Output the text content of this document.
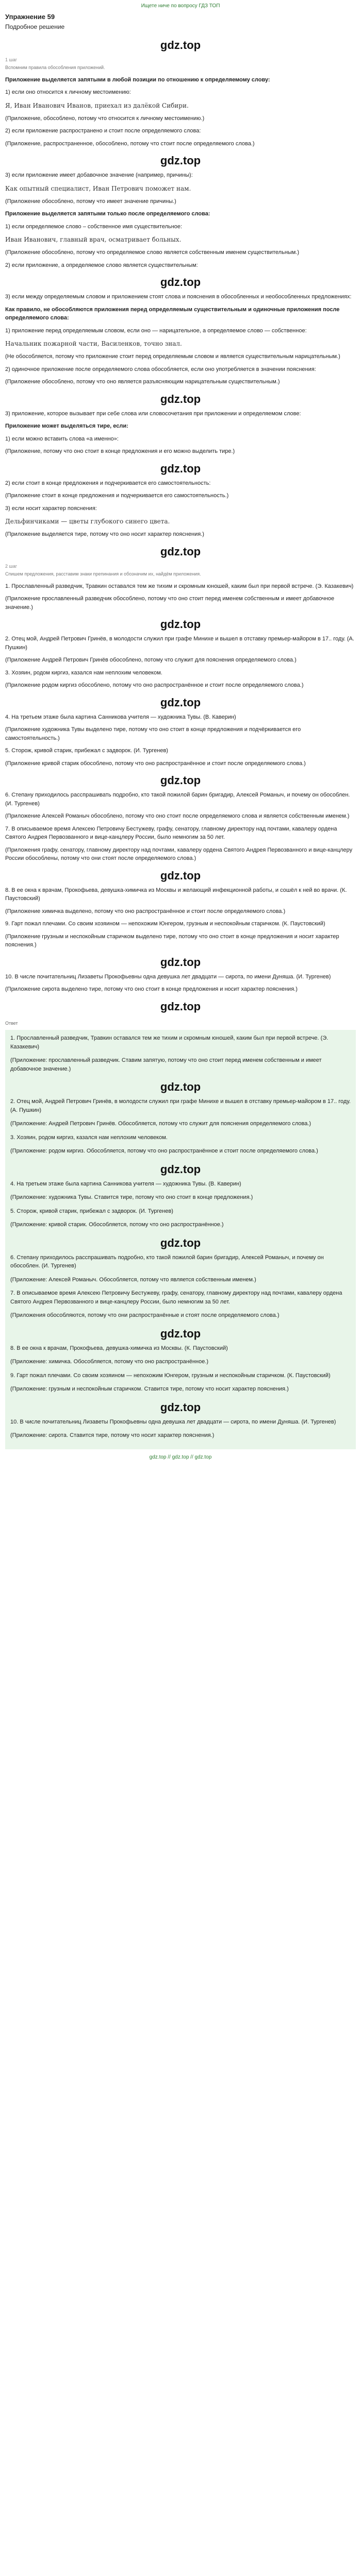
Ищете ниче по вопросу ГДЗ ТОП
Упражнение 59
Подробное решение
gdz.top
1 шаг
Вспомним правила обособления приложений.
Приложение выделяется запятыми в любой позиции по отношению к определяемому слову:
1) если оно относится к личному местоимению:
Я, Иван Иванович Иванов, приехал из далёкой Сибири.
(Приложение, обособлено, потому что относится к личному местоимению.)
2) если приложение распространено и стоит после определяемого слова:
(Приложение, распространенное, обособлено, потому что стоит после определяемого слова.)
gdz.top
3) если приложение имеет добавочное значение (например, причины):
Как опытный специалист, Иван Петрович поможет нам.
(Приложение обособлено, потому что имеет значение причины.)
Приложение выделяется запятыми только после определяемого слова:
1) если определяемое слово – собственное имя существительное:
Иван Иванович, главный врач, осматривает больных.
(Приложение обособлено, потому что определяемое слово является собственным именем существительным.)
2) если приложение, а определяемое слово является существительным:
gdz.top
3) если между определяемым словом и приложением стоят слова и пояснения в обособленных и необособленных предложениях:
Как правило, не обособляются приложения перед определяемым существительным и одиночные приложения после определяемого слова:
1) приложение перед определяемым словом, если оно — нарицательное, а определяемое слово — собственное:
Начальник пожарной части, Василенков, точно знал.
(Не обособляется, потому что приложение стоит перед определяемым словом и является существительным нарицательным.)
2) одиночное приложение после определяемого слова обособляется, если оно употребляется в значении пояснения:
(Приложение обособлено, потому что оно является разъясняющим нарицательным существительным.)
gdz.top
3) приложение, которое вызывает при себе слова или словосочетания при приложении и определяемом слове:
Приложение может выделяться тире, если:
1) если можно вставить слова «а именно»:
(Приложение, потому что оно стоит в конце предложения и его можно выделить тире.)
gdz.top
2) если стоит в конце предложения и подчеркивается его самостоятельность:
(Приложение стоит в конце предложения и подчеркивается его самостоятельность.)
3) если носит характер пояснения:
Дельфинчиками — цветы глубокого синего цвета.
(Приложение выделяется тире, потому что оно носит характер пояснения.)
gdz.top
2 шаг
Спишем предложения, расставим знаки препинания и обозначим их, найдём приложения.
1. Прославленный разведчик, Травкин оставался тем же тихим и скромным юношей, каким был при первой встрече. (Э. Казакевич)
(Приложение прославленный разведчик обособлено, потому что оно стоит перед именем собственным и имеет добавочное значение.)
gdz.top
2. Отец мой, Андрей Петрович Гринёв, в молодости служил при графе Минихе и вышел в отставку премьер-майором в 17.. году. (А. Пушкин)
(Приложение Андрей Петрович Гринёв обособлено, потому что служит для пояснения определяемого слова.)
3. Хозяин, родом киргиз, казался нам неплохим человеком.
(Приложение родом киргиз обособлено, потому что оно распространённое и стоит после определяемого слова.)
gdz.top
4. На третьем этаже была картина Санникова учителя — художника Тувы. (В. Каверин)
(Приложение художника Тувы выделено тире, потому что оно стоит в конце предложения и подчёркивается его самостоятельность.)
5. Сторож, кривой старик, прибежал с задворок. (И. Тургенев)
(Приложение кривой старик обособлено, потому что оно распространённое и стоит после определяемого слова.)
gdz.top
6. Степану приходилось расспрашивать подробно, кто такой пожилой барин бригадир, Алексей Романыч, и почему он обособлен. (И. Тургенев)
(Приложение Алексей Романыч обособлено, потому что оно стоит после определяемого слова и является собственным именем.)
7. В описываемое время Алексею Петровичу Бестужеву, графу, сенатору, главному директору над почтами, кавалеру ордена Святого Андрея Первозванного и вице-канцлеру России, было немногим за 50 лет.
(Приложения графу, сенатору, главному директору над почтами, кавалеру ордена Святого Андрея Первозванного и вице-канцлеру России обособлены, потому что они стоят после определяемого слова.)
gdz.top
8. В ее окна к врачам, Прокофьева, девушка-химичка из Москвы и желающий инфекционной работы, и сошёл к ней во врачи. (К. Паустовский)
(Приложение химичка выделено, потому что оно распространённое и стоит после определяемого слова.)
9. Гарт пожал плечами. Со своим хозяином — непохожим Юнгером, грузным и неспокойным старичком. (К. Паустовский)
(Приложение грузным и неспокойным старичком выделено тире, потому что оно стоит в конце предложения и носит характер пояснения.)
gdz.top
10. В числе почитательниц Лизаветы Прокофьевны одна девушка лет двадцати — сирота, по имени Дуняша. (И. Тургенев)
(Приложение сирота выделено тире, потому что оно стоит в конце предложения и носит характер пояснения.)
gdz.top
Ответ
1. Прославленный разведчик, Травкин оставался тем же тихим и скромным юношей, каким был при первой встрече. (Э. Казакевич)
(Приложение: прославленный разведчик. Ставим запятую, потому что оно стоит перед именем собственным и имеет добавочное значение.)
gdz.top
2. Отец мой, Андрей Петрович Гринёв, в молодости служил при графе Минихе и вышел в отставку премьер-майором в 17.. году. (А. Пушкин)
(Приложение: Андрей Петрович Гринёв. Обособляется, потому что служит для пояснения определяемого слова.)
3. Хозяин, родом киргиз, казался нам неплохим человеком.
(Приложение: родом киргиз. Обособляется, потому что оно распространённое и стоит после определяемого слова.)
gdz.top
4. На третьем этаже была картина Санникова учителя — художника Тувы. (В. Каверин)
(Приложение: художника Тувы. Ставится тире, потому что оно стоит в конце предложения.)
5. Сторож, кривой старик, прибежал с задворок. (И. Тургенев)
(Приложение: кривой старик. Обособляется, потому что оно распространённое.)
gdz.top
6. Степану приходилось расспрашивать подробно, кто такой пожилой барин бригадир, Алексей Романыч, и почему он обособлен. (И. Тургенев)
(Приложение: Алексей Романыч. Обособляется, потому что является собственным именем.)
7. В описываемое время Алексею Петровичу Бестужеву, графу, сенатору, главному директору над почтами, кавалеру ордена Святого Андрея Первозванного и вице-канцлеру России, было немногим за 50 лет.
(Приложения обособляются, потому что они распространённые и стоят после определяемого слова.)
gdz.top
8. В ее окна к врачам, Прокофьева, девушка-химичка из Москвы. (К. Паустовский)
(Приложение: химичка. Обособляется, потому что оно распространённое.)
9. Гарт пожал плечами. Со своим хозяином — непохожим Юнгером, грузным и неспокойным старичком. (К. Паустовский)
(Приложение: грузным и неспокойным старичком. Ставится тире, потому что носит характер пояснения.)
gdz.top
10. В числе почитательниц Лизаветы Прокофьевны одна девушка лет двадцати — сирота, по имени Дуняша. (И. Тургенев)
(Приложение: сирота. Ставится тире, потому что носит характер пояснения.)
gdz.top // gdz.top // gdz.top
